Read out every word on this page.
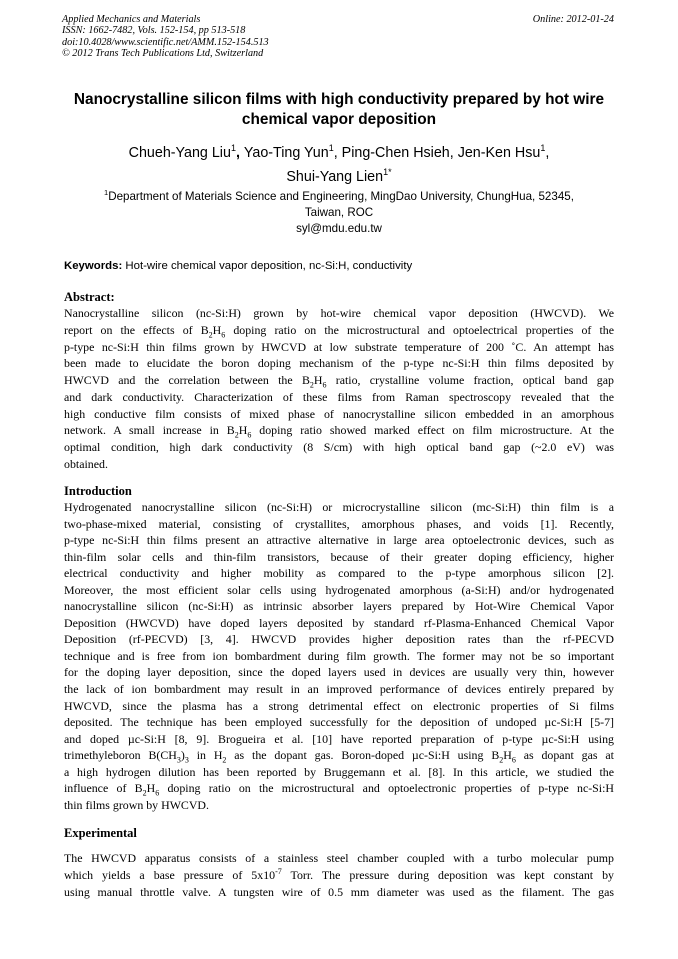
Applied Mechanics and Materials
ISSN: 1662-7482, Vols. 152-154, pp 513-518
doi:10.4028/www.scientific.net/AMM.152-154.513
© 2012 Trans Tech Publications Ltd, Switzerland
Online: 2012-01-24
Nanocrystalline silicon films with high conductivity prepared by hot wire
chemical vapor deposition
Chueh-Yang Liu$^1$, Yao-Ting Yun$^1$, Ping-Chen Hsieh, Jen-Ken Hsu$^1$,
Shui-Yang Lien$^{1*}$
$^1$Department of Materials Science and Engineering, MingDao University, ChungHua, 52345,
Taiwan, ROC
syl@mdu.edu.tw
Keywords: Hot-wire chemical vapor deposition, nc-Si:H, conductivity
Abstract:
Nanocrystalline silicon (nc-Si:H) grown by hot-wire chemical vapor deposition (HWCVD). We
report on the effects of $B_2H_6$ doping ratio on the microstructural and optoelectrical properties of the
p-type nc-Si:H thin films grown by HWCVD at low substrate temperature of 200 ˚C. An attempt has
been made to elucidate the boron doping mechanism of the p-type nc-Si:H thin films deposited by
HWCVD and the correlation between the $B_2H_6$ ratio, crystalline volume fraction, optical band gap
and dark conductivity. Characterization of these films from Raman spectroscopy revealed that the
high conductive film consists of mixed phase of nanocrystalline silicon embedded in an amorphous
network. A small increase in $B_2H_6$ doping ratio showed marked effect on film microstructure. At the
optimal condition, high dark conductivity (8 S/cm) with high optical band gap (~2.0 eV) was
obtained.
Introduction
Hydrogenated nanocrystalline silicon (nc-Si:H) or microcrystalline silicon (mc-Si:H) thin film is a
two-phase-mixed material, consisting of crystallites, amorphous phases, and voids [1]. Recently,
p-type nc-Si:H thin films present an attractive alternative in large area optoelectronic devices, such as
thin-film solar cells and thin-film transistors, because of their greater doping efficiency, higher
electrical conductivity and higher mobility as compared to the p-type amorphous silicon [2].
Moreover, the most efficient solar cells using hydrogenated amorphous (a-Si:H) and/or hydrogenated
nanocrystalline silicon (nc-Si:H) as intrinsic absorber layers prepared by Hot-Wire Chemical Vapor
Deposition (HWCVD) have doped layers deposited by standard rf-Plasma-Enhanced Chemical Vapor
Deposition (rf-PECVD) [3, 4]. HWCVD provides higher deposition rates than the rf-PECVD
technique and is free from ion bombardment during film growth. The former may not be so important
for the doping layer deposition, since the doped layers used in devices are usually very thin, however
the lack of ion bombardment may result in an improved performance of devices entirely prepared by
HWCVD, since the plasma has a strong detrimental effect on electronic properties of Si films
deposited. The technique has been employed successfully for the deposition of undoped µc-Si:H [5-7]
and doped µc-Si:H [8, 9]. Brogueira et al. [10] have reported preparation of p-type µc-Si:H using
trimethyleboron $B(CH_3)_3$ in $H_2$ as the dopant gas. Boron-doped µc-Si:H using $B_2H_6$ as dopant gas at
a high hydrogen dilution has been reported by Bruggemann et al. [8]. In this article, we studied the
influence of $B_2H_6$ doping ratio on the microstructural and optoelectronic properties of p-type nc-Si:H
thin films grown by HWCVD.
Experimental
The HWCVD apparatus consists of a stainless steel chamber coupled with a turbo molecular pump
which yields a base pressure of $5x10^{-7}$ Torr. The pressure during deposition was kept constant by
using manual throttle valve. A tungsten wire of 0.5 mm diameter was used as the filament. The gas
